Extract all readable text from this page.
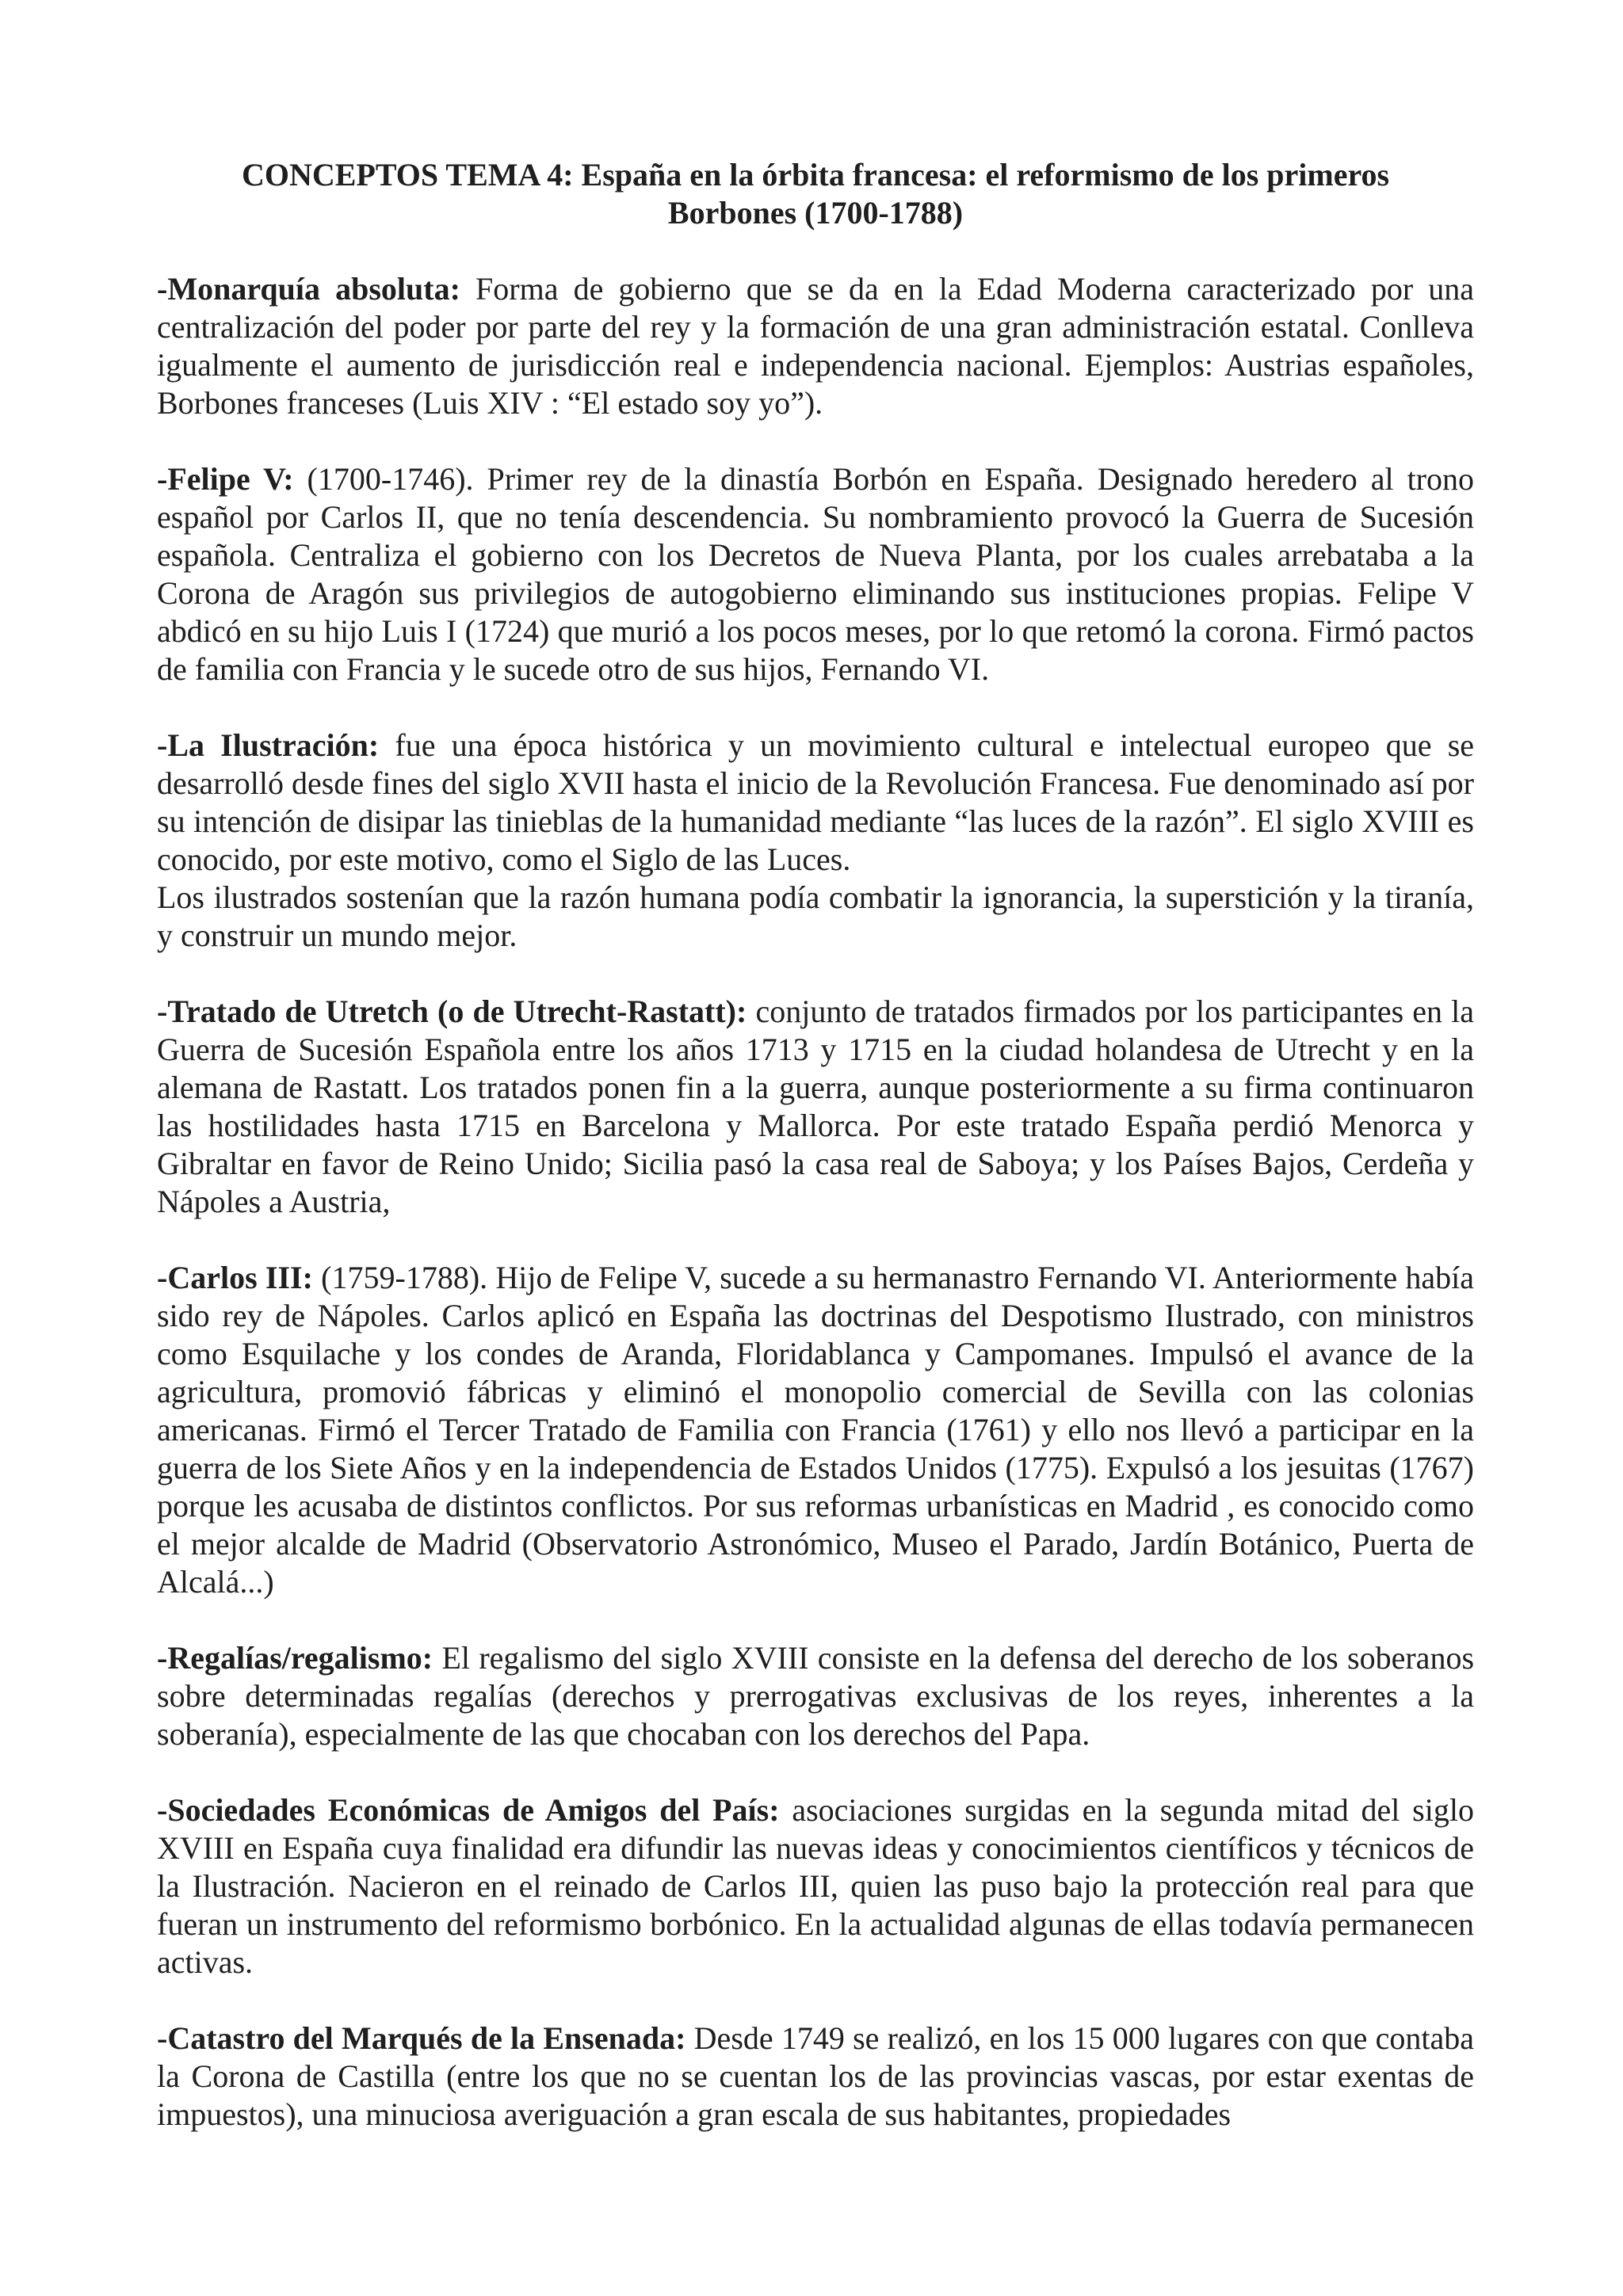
CONCEPTOS TEMA 4: España en la órbita francesa: el reformismo de los primeros
Borbones (1700-1788)

-Monarquía absoluta: Forma de gobierno que se da en la Edad Moderna caracterizado por una centralización del poder por parte del rey y la formación de una gran administración estatal. Conlleva igualmente el aumento de jurisdicción real e independencia nacional. Ejemplos: Austrias españoles, Borbones franceses (Luis XIV : “El estado soy yo”).

-Felipe V: (1700-1746). Primer rey de la dinastía Borbón en España. Designado heredero al trono español por Carlos II, que no tenía descendencia. Su nombramiento provocó la Guerra de Sucesión española. Centraliza el gobierno con los Decretos de Nueva Planta, por los cuales arrebataba a la Corona de Aragón sus privilegios de autogobierno eliminando sus instituciones propias. Felipe V abdicó en su hijo Luis I (1724) que murió a los pocos meses, por lo que retomó la corona. Firmó pactos de familia con Francia y le sucede otro de sus hijos, Fernando VI.

-La Ilustración: fue una época histórica y un movimiento cultural e intelectual europeo que se desarrolló desde fines del siglo XVII hasta el inicio de la Revolución Francesa. Fue denominado así por su intención de disipar las tinieblas de la humanidad mediante “las luces de la razón”. El siglo XVIII es conocido, por este motivo, como el Siglo de las Luces.

Los ilustrados sostenían que la razón humana podía combatir la ignorancia, la superstición y la tiranía, y construir un mundo mejor.

-Tratado de Utretch (o de Utrecht-Rastatt): conjunto de tratados firmados por los participantes en la Guerra de Sucesión Española entre los años 1713 y 1715 en la ciudad holandesa de Utrecht y en la alemana de Rastatt. Los tratados ponen fin a la guerra, aunque posteriormente a su firma continuaron las hostilidades hasta 1715 en Barcelona y Mallorca. Por este tratado España perdió Menorca y Gibraltar en favor de Reino Unido; Sicilia pasó la casa real de Saboya; y los Países Bajos, Cerdeña y Nápoles a Austria,

-Carlos III: (1759-1788). Hijo de Felipe V, sucede a su hermanastro Fernando VI. Anteriormente había sido rey de Nápoles. Carlos aplicó en España las doctrinas del Despotismo Ilustrado, con ministros como Esquilache y los condes de Aranda, Floridablanca y Campomanes. Impulsó el avance de la agricultura, promovió fábricas y eliminó el monopolio comercial de Sevilla con las colonias americanas. Firmó el Tercer Tratado de Familia con Francia (1761) y ello nos llevó a participar en la guerra de los Siete Años y en la independencia de Estados Unidos (1775). Expulsó a los jesuitas (1767) porque les acusaba de distintos conflictos. Por sus reformas urbanísticas en Madrid , es conocido como el mejor alcalde de Madrid (Observatorio Astronómico, Museo el Parado, Jardín Botánico, Puerta de Alcalá...)

-Regalías/regalismo: El regalismo del siglo XVIII consiste en la defensa del derecho de los soberanos sobre determinadas regalías (derechos y prerrogativas exclusivas de los reyes, inherentes a la soberanía), especialmente de las que chocaban con los derechos del Papa.

-Sociedades Económicas de Amigos del País: asociaciones surgidas en la segunda mitad del siglo XVIII en España cuya finalidad era difundir las nuevas ideas y conocimientos científicos y técnicos de la Ilustración. Nacieron en el reinado de Carlos III, quien las puso bajo la protección real para que fueran un instrumento del reformismo borbónico. En la actualidad algunas de ellas todavía permanecen activas.

-Catastro del Marqués de la Ensenada: Desde 1749 se realizó, en los 15 000 lugares con que contaba la Corona de Castilla (entre los que no se cuentan los de las provincias vascas, por estar exentas de impuestos), una minuciosa averiguación a gran escala de sus habitantes, propiedades
